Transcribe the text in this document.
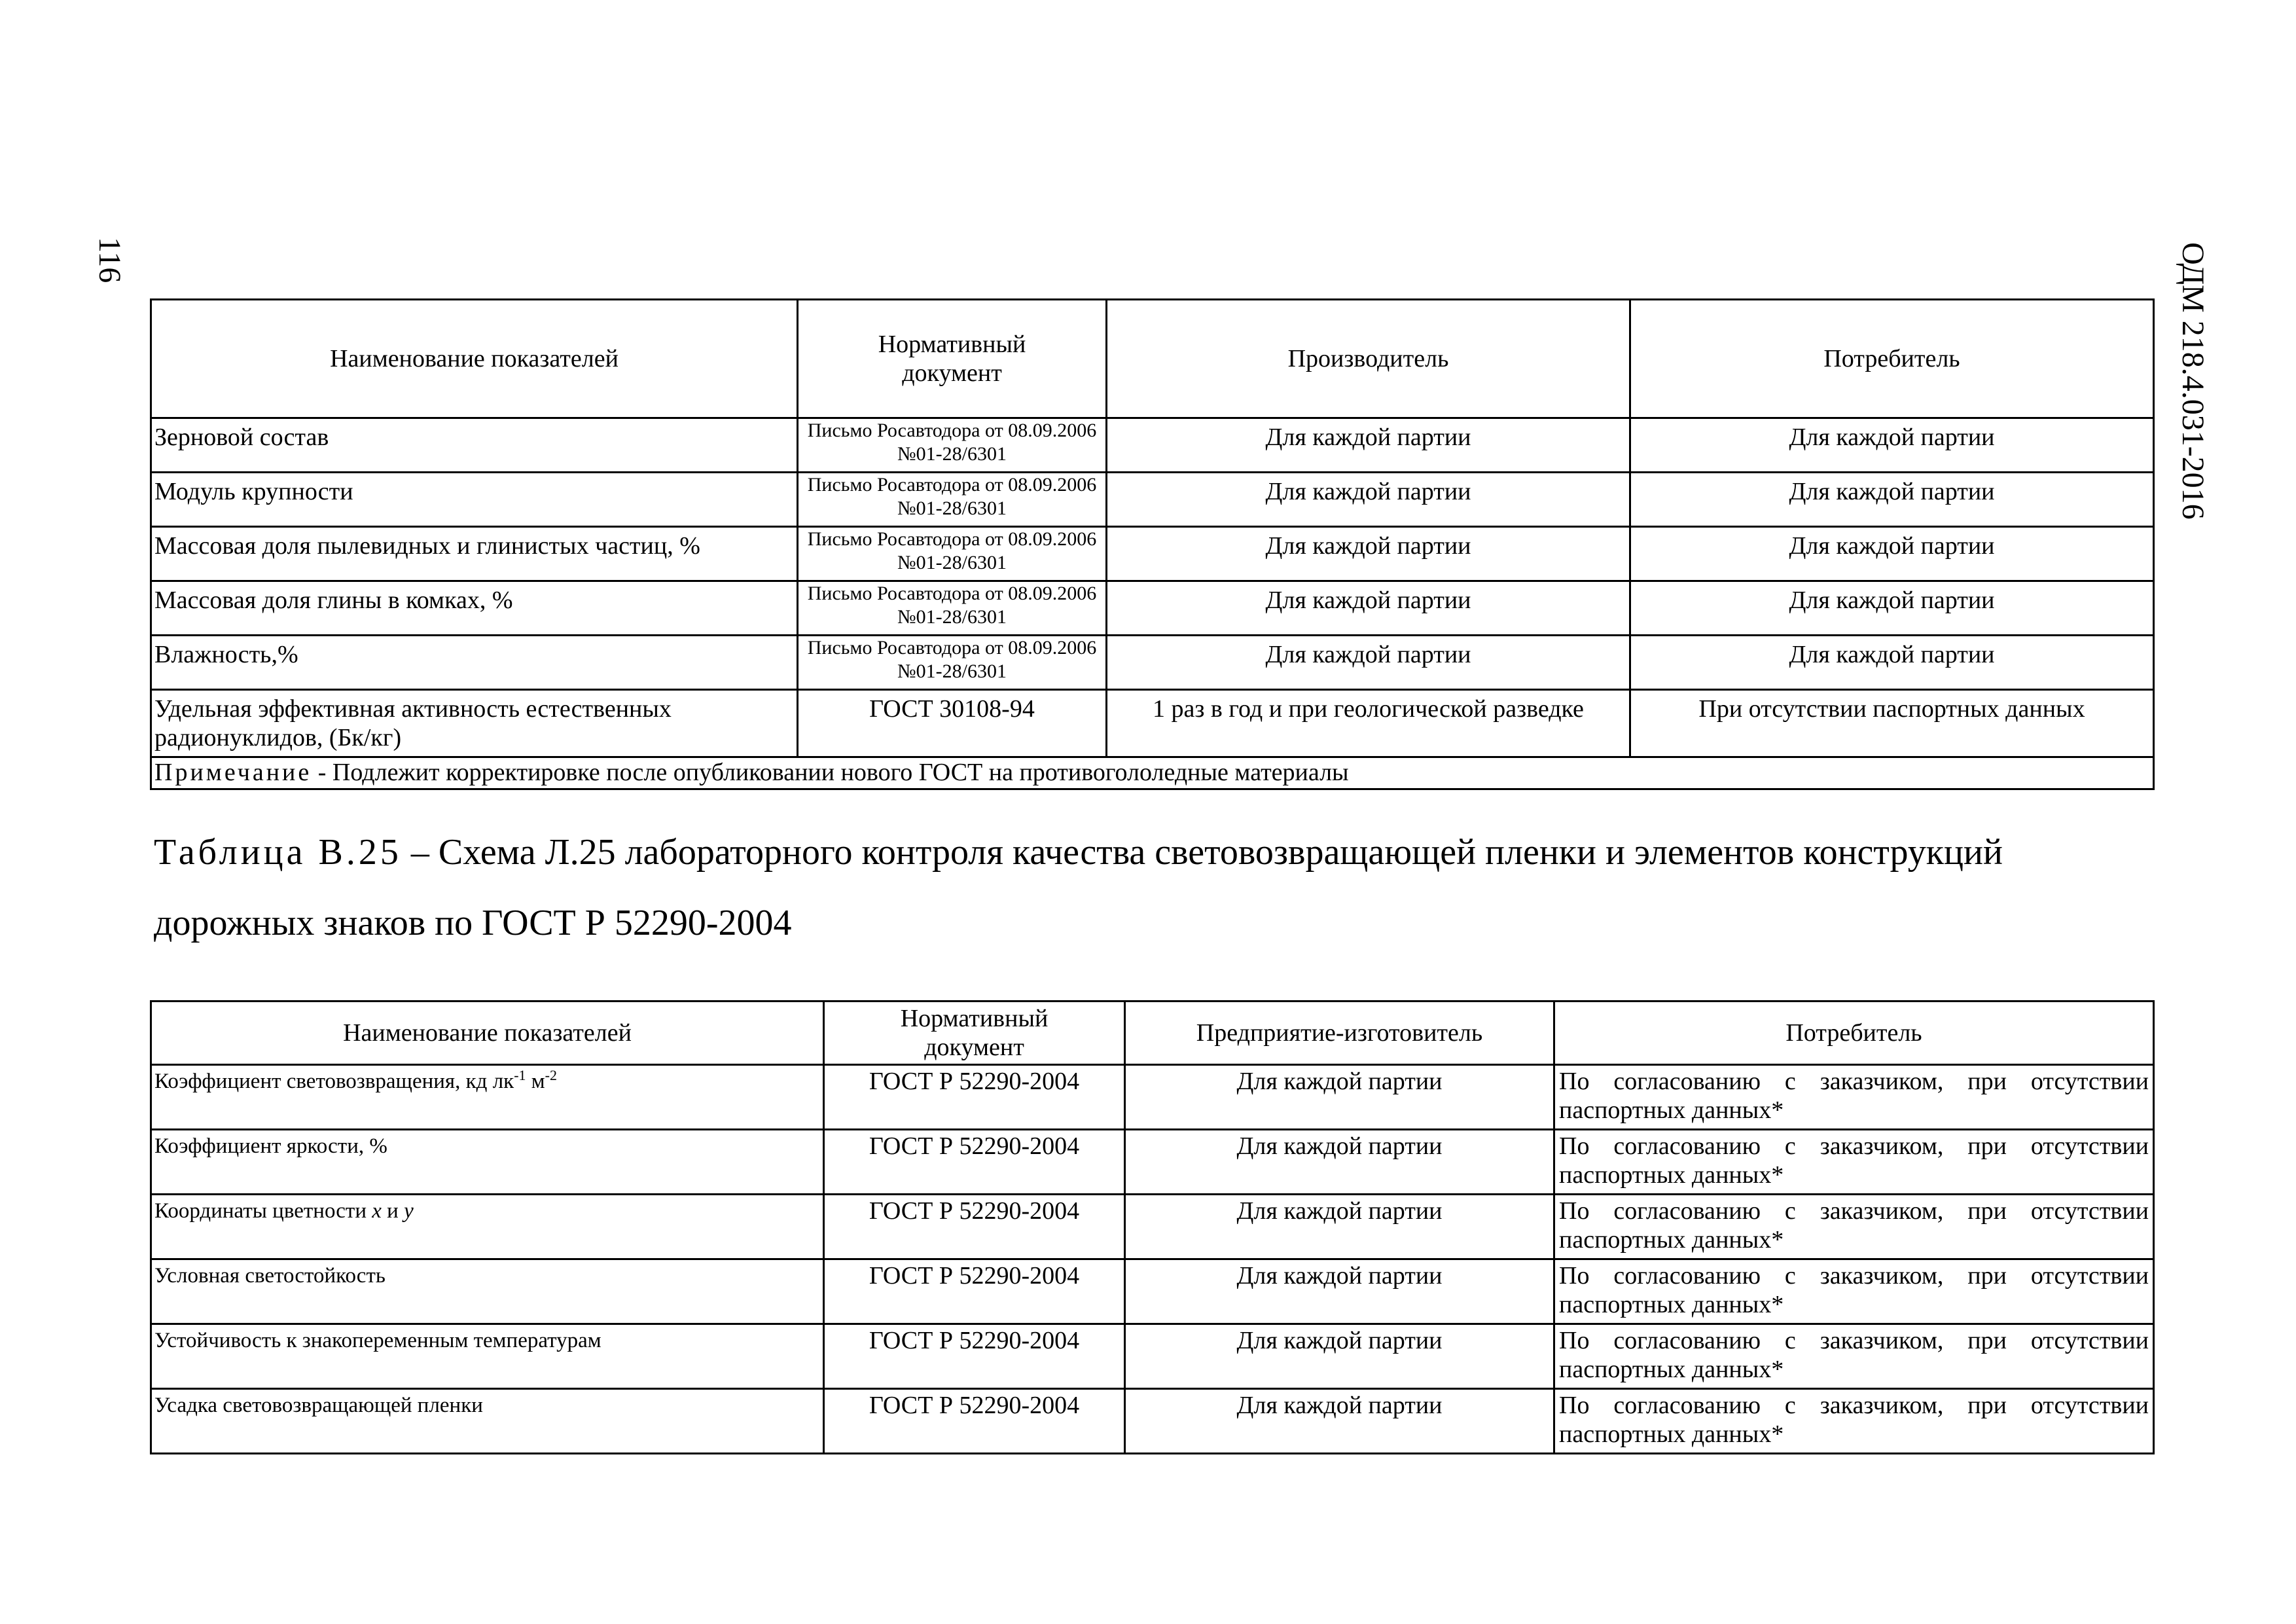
116	ОДМ 218.4.031-2016
Наименование показателей	Нормативный документ	Производитель	Потребитель
Зерновой состав	Письмо Росавтодора от 08.09.2006 №01-28/6301	Для каждой партии	Для каждой партии
Модуль крупности	Письмо Росавтодора от 08.09.2006 №01-28/6301	Для каждой партии	Для каждой партии
Массовая доля пылевидных и глинистых частиц, %	Письмо Росавтодора от 08.09.2006 №01-28/6301	Для каждой партии	Для каждой партии
Массовая доля глины в комках, %	Письмо Росавтодора от 08.09.2006 №01-28/6301	Для каждой партии	Для каждой партии
Влажность,%	Письмо Росавтодора от 08.09.2006 №01-28/6301	Для каждой партии	Для каждой партии
Удельная эффективная активность естественных радионуклидов, (Бк/кг)	ГОСТ 30108-94	1 раз в год и при геологической разведке	При отсутствии паспортных данных
Примечание - Подлежит корректировке после опубликовании нового ГОСТ на противогололедные материалы			
Таблица В.25 – Схема Л.25 лабораторного контроля качества световозвращающей пленки и элементов конструкций дорожных знаков по ГОСТ Р 52290-2004
Наименование показателей	Нормативный документ	Предприятие-изготовитель	Потребитель
Коэффициент световозвращения, кд $лк^{-1}$ $м^{-2}$	ГОСТ Р 52290-2004	Для каждой партии	По согласованию с заказчиком, при отсутствии паспортных данных*
Коэффициент яркости, %	ГОСТ Р 52290-2004	Для каждой партии	По согласованию с заказчиком, при отсутствии паспортных данных*
Координаты цветности x и y	ГОСТ Р 52290-2004	Для каждой партии	По согласованию с заказчиком, при отсутствии паспортных данных*
Условная светостойкость	ГОСТ Р 52290-2004	Для каждой партии	По согласованию с заказчиком, при отсутствии паспортных данных*
Устойчивость к знакопеременным температурам	ГОСТ Р 52290-2004	Для каждой партии	По согласованию с заказчиком, при отсутствии паспортных данных*
Усадка световозвращающей пленки	ГОСТ Р 52290-2004	Для каждой партии	По согласованию с заказчиком, при отсутствии паспортных данных*
